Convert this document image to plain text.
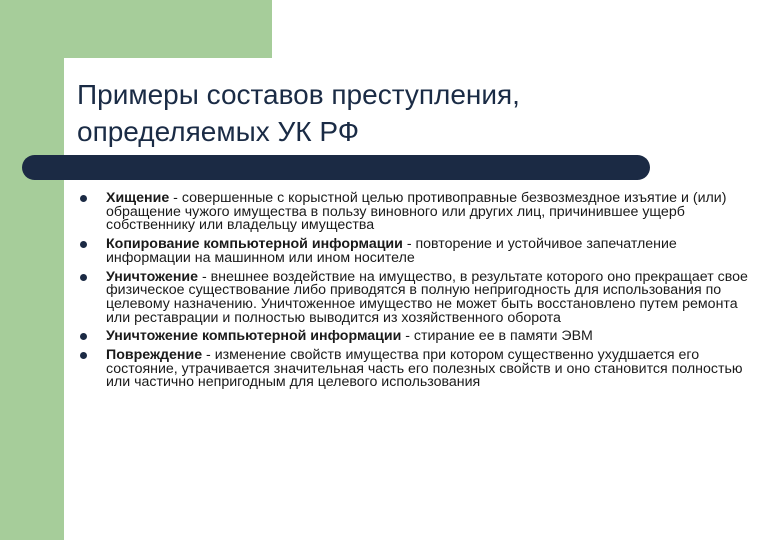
Примеры составов преступления,
определяемых УК РФ
Хищение - совершенные с корыстной целью противоправные безвозмездное изъятие и (или) обращение чужого имущества в пользу виновного или других лиц, причинившее ущерб собственнику или владельцу имущества
Копирование компьютерной информации - повторение и устойчивое запечатление информации на машинном или ином носителе
Уничтожение - внешнее воздействие на имущество, в результате которого оно прекращает свое физическое существование либо приводятся в полную непригодность для использования по целевому назначению. Уничтоженное имущество не может быть восстановлено путем ремонта или реставрации и полностью выводится из хозяйственного оборота
Уничтожение компьютерной информации - стирание ее в памяти ЭВМ
Повреждение - изменение свойств имущества при котором существенно ухудшается его состояние, утрачивается значительная часть его полезных свойств и оно становится полностью или частично непригодным для целевого использования
